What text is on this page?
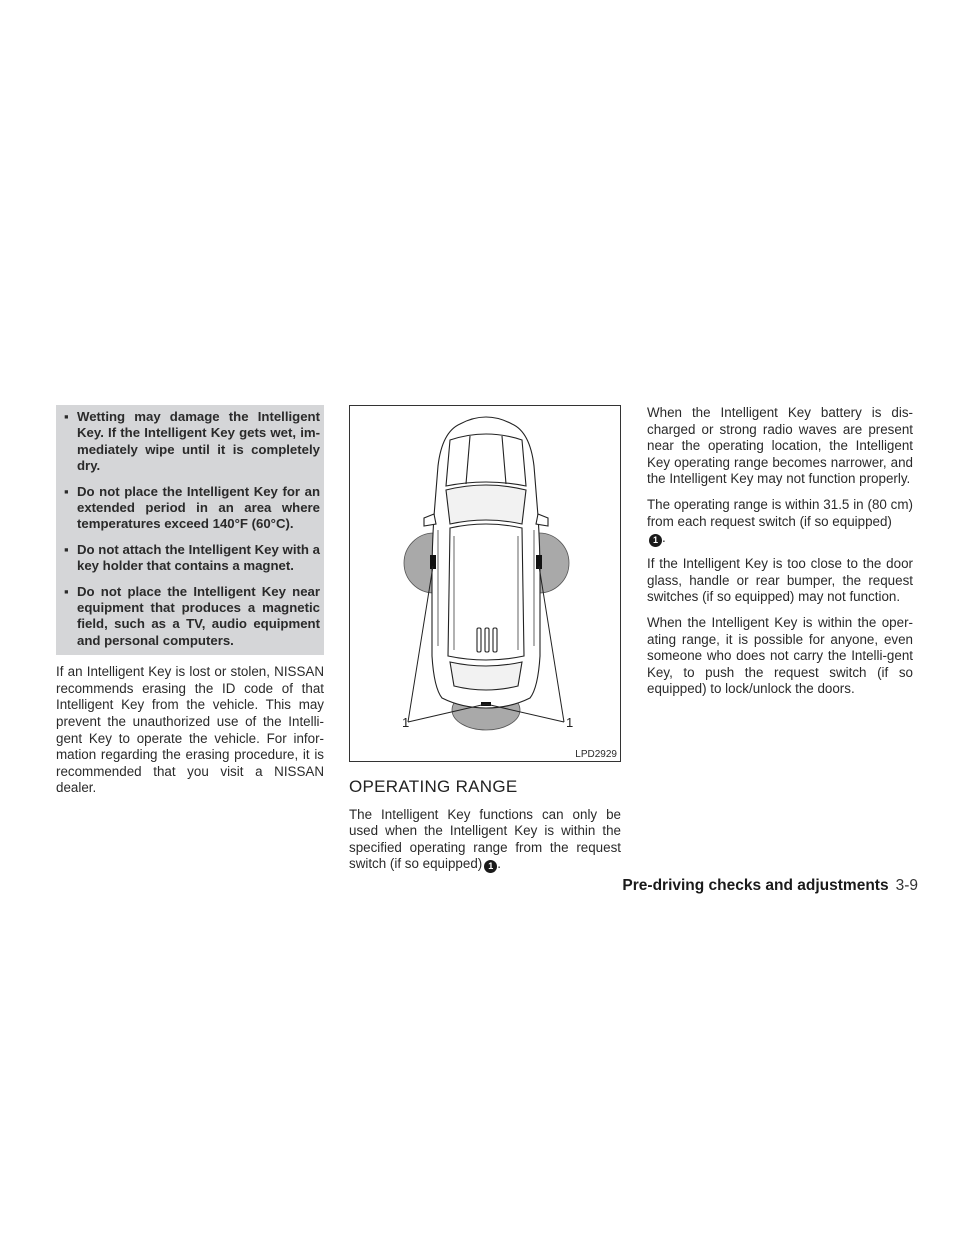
▪ Wetting may damage the Intelligent Key. If the Intelligent Key gets wet, im-mediately wipe until it is completely dry.
▪ Do not place the Intelligent Key for an extended period in an area where temperatures exceed 140°F (60°C).
▪ Do not attach the Intelligent Key with a key holder that contains a magnet.
▪ Do not place the Intelligent Key near equipment that produces a magnetic field, such as a TV, audio equipment and personal computers.

If an Intelligent Key is lost or stolen, NISSAN recommends erasing the ID code of that Intelligent Key from the vehicle. This may prevent the unauthorized use of the Intelli-gent Key to operate the vehicle. For infor-mation regarding the erasing procedure, it is recommended that you visit a NISSAN dealer.

1	1
LPD2929
OPERATING RANGE

The Intelligent Key functions can only be used when the Intelligent Key is within the specified operating range from the request switch (if so equipped) 1 .

When the Intelligent Key battery is dis-charged or strong radio waves are present near the operating location, the Intelligent Key operating range becomes narrower, and the Intelligent Key may not function properly.

The operating range is within 31.5 in (80 cm) from each request switch (if so equipped)
1 .

If the Intelligent Key is too close to the door glass, handle or rear bumper, the request switches (if so equipped) may not function.

When the Intelligent Key is within the oper-ating range, it is possible for anyone, even someone who does not carry the Intelli-gent Key, to push the request switch (if so equipped) to lock/unlock the doors.

Pre-driving checks and adjustments 3-9
